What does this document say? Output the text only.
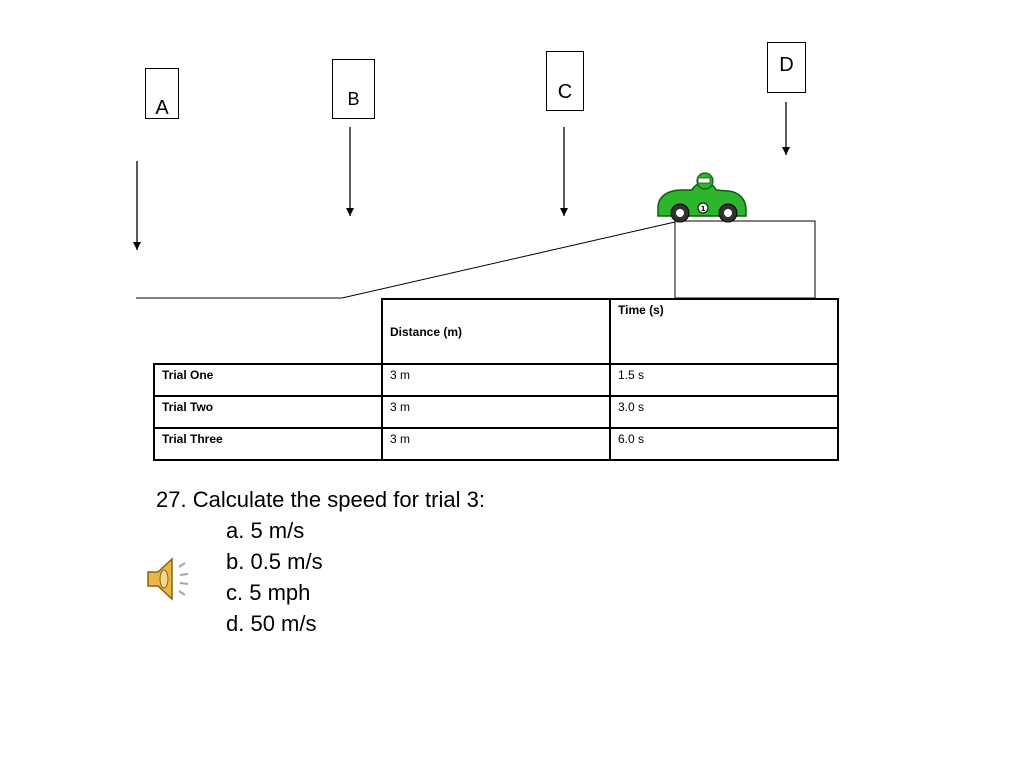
A	B	C
D
1
	Distance (m)	Time (s)
Trial One	3 m	1.5 s
Trial Two	3 m	3.0 s
Trial Three	3 m	6.0 s
27. Calculate the speed for trial 3:
a. 5 m/s
b. 0.5 m/s
c. 5 mph
d. 50 m/s
